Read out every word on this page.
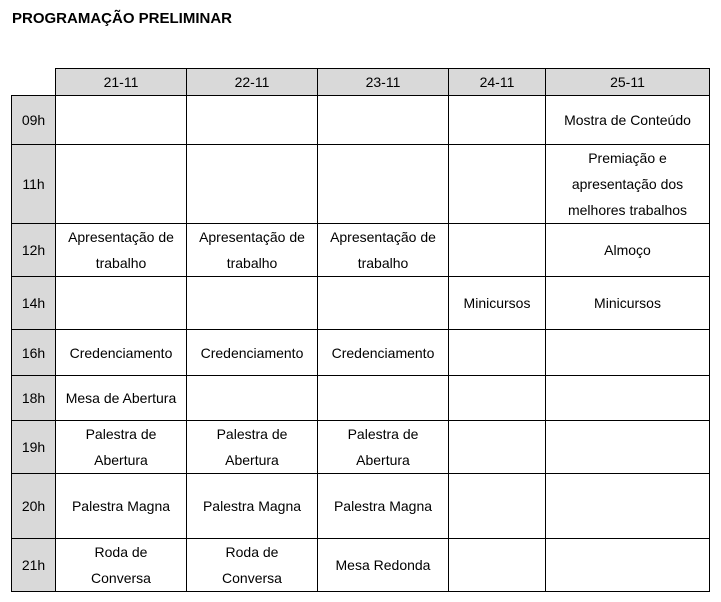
PROGRAMAÇÃO PRELIMINAR
	21-11	22-11	23-11	24-11	25-11
09h					Mostra de Conteúdo
11h					Premiação e apresentação dos melhores trabalhos
12h	Apresentação de trabalho	Apresentação de trabalho	Apresentação de trabalho		Almoço
14h				Minicursos	Minicursos
16h	Credenciamento	Credenciamento	Credenciamento		
18h	Mesa de Abertura				
19h	Palestra de Abertura	Palestra de Abertura	Palestra de Abertura		
20h	Palestra Magna	Palestra Magna	Palestra Magna		
21h	Roda de Conversa	Roda de Conversa	Mesa Redonda		
